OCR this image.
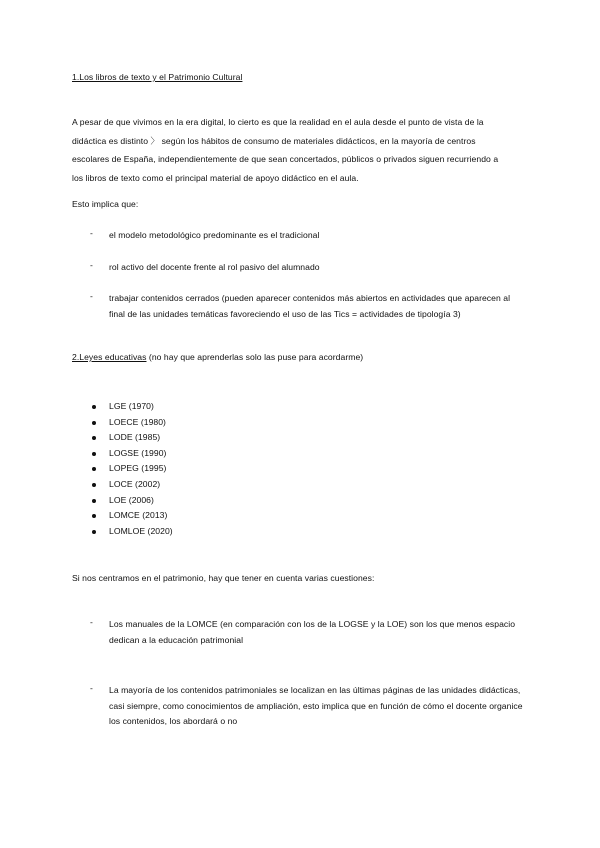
1.Los libros de texto y el Patrimonio Cultural

A pesar de que vivimos en la era digital, lo cierto es que la realidad en el aula desde el punto de vista de la

didáctica es distinto 〉 según los hábitos de consumo de materiales didácticos, en la mayoría de centros

escolares de España, independientemente de que sean concertados, públicos o privados siguen recurriendo a

los libros de texto como el principal material de apoyo didáctico en el aula.

Esto implica que:
- el modelo metodológico predominante es el tradicional
- rol activo del docente frente al rol pasivo del alumnado
- trabajar contenidos cerrados (pueden aparecer contenidos más abiertos en actividades que aparecen al final de las unidades temáticas favoreciendo el uso de las Tics = actividades de tipología 3)
2.Leyes educativas (no hay que aprenderlas solo las puse para acordarme)
LGE (1970)
LOECE (1980)
LODE (1985)
LOGSE (1990)
LOPEG (1995)
LOCE (2002)
LOE (2006)
LOMCE (2013)
LOMLOE (2020)
Si nos centramos en el patrimonio, hay que tener en cuenta varias cuestiones:
- Los manuales de la LOMCE (en comparación con los de la LOGSE y la LOE) son los que menos espacio dedican a la educación patrimonial
- La mayoría de los contenidos patrimoniales se localizan en las últimas páginas de las unidades didácticas, casi siempre, como conocimientos de ampliación, esto implica que en función de cómo el docente organice los contenidos, los abordará o no
